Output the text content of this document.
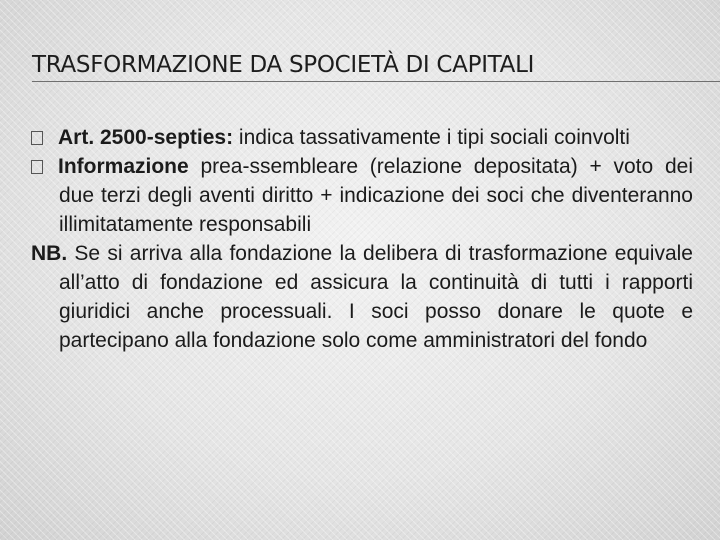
TRASFORMAZIONE DA SPOCIETÀ DI CAPITALI

Art. 2500-septies: indica tassativamente i tipi sociali coinvolti

Informazione prea-ssembleare (relazione depositata) + voto dei due terzi degli aventi diritto + indicazione dei soci che diventeranno illimitatamente responsabili

NB. Se si arriva alla fondazione la delibera di trasformazione equivale all’atto di fondazione ed assicura la continuità di tutti i rapporti giuridici anche processuali. I soci posso donare le quote e partecipano alla fondazione solo come amministratori del fondo
